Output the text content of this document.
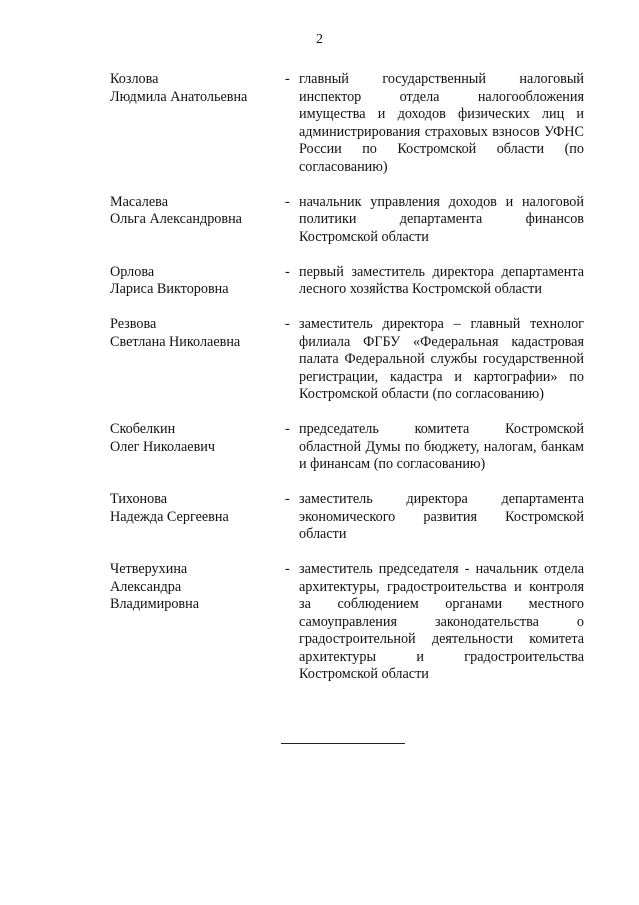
2
Козлова
Людмила Анатольевна
- главный государственный налоговый инспектор отдела налогообложения имущества и доходов физических лиц и администрирования страховых взносов УФНС России по Костромской области (по согласованию)
Масалева
Ольга Александровна
- начальник управления доходов и налоговой политики департамента финансов Костромской области
Орлова
Лариса Викторовна
- первый заместитель директора департамента лесного хозяйства Костромской области
Резвова
Светлана Николаевна
- заместитель директора – главный технолог филиала ФГБУ «Федеральная кадастровая палата Федеральной службы государственной регистрации, кадастра и картографии» по Костромской области (по согласованию)
Скобелкин
Олег Николаевич
- председатель комитета Костромской областной Думы по бюджету, налогам, банкам и финансам (по согласованию)
Тихонова
Надежда Сергеевна
- заместитель директора департамента экономического развития Костромской области
Четверухина
Александра
Владимировна
- заместитель председателя - начальник отдела архитектуры, градостроительства и контроля за соблюдением органами местного самоуправления законодательства о градостроительной деятельности комитета архитектуры и градостроительства Костромской области
